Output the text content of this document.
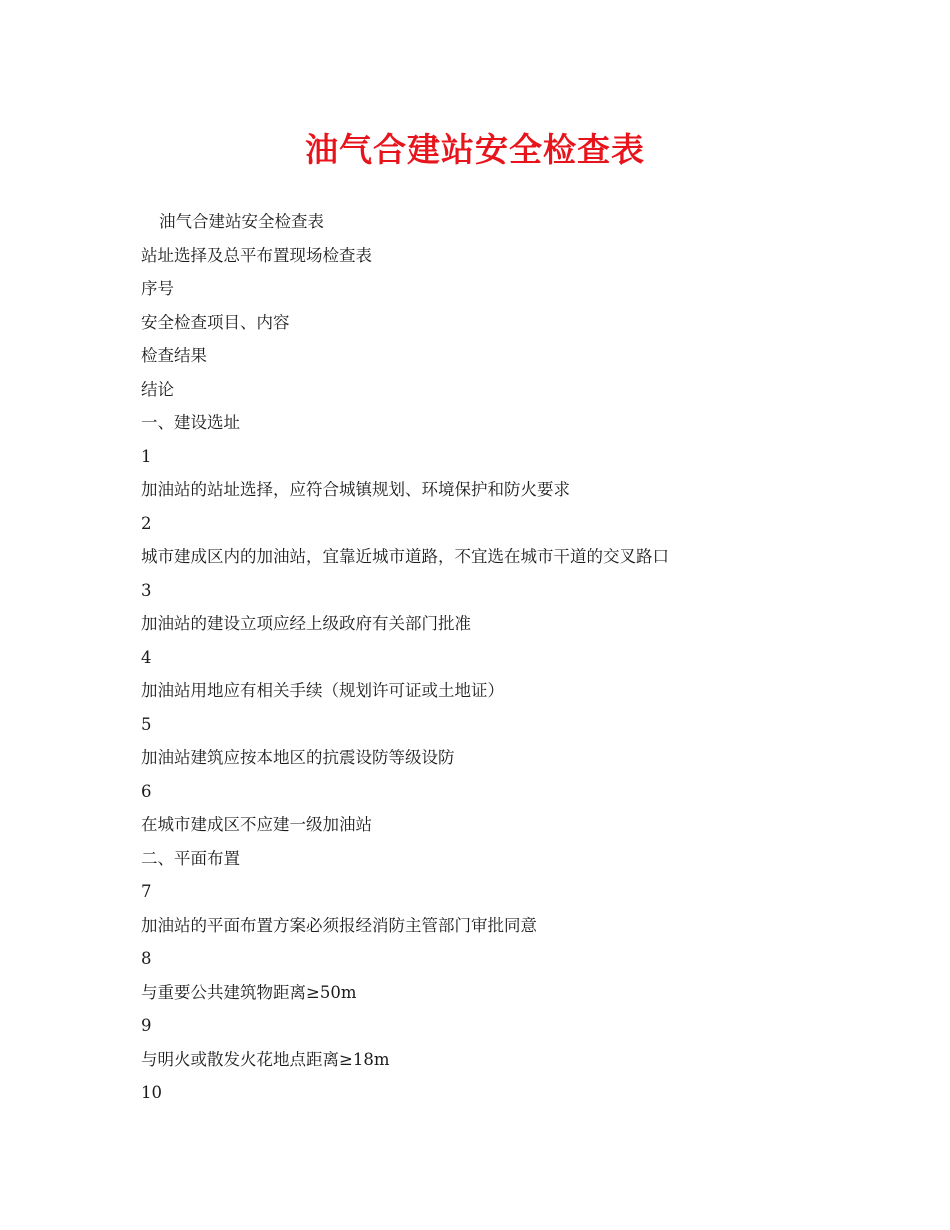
油气合建站安全检查表
油气合建站安全检查表
站址选择及总平布置现场检查表
序号
安全检查项目、内容
检查结果
结论
一、建设选址
1
加油站的站址选择，应符合城镇规划、环境保护和防火要求
2
城市建成区内的加油站，宜靠近城市道路，不宜选在城市干道的交叉路口
3
加油站的建设立项应经上级政府有关部门批准
4
加油站用地应有相关手续（规划许可证或土地证）
5
加油站建筑应按本地区的抗震设防等级设防
6
在城市建成区不应建一级加油站
二、平面布置
7
加油站的平面布置方案必须报经消防主管部门审批同意
8
与重要公共建筑物距离≥50m
9
与明火或散发火花地点距离≥18m
10
